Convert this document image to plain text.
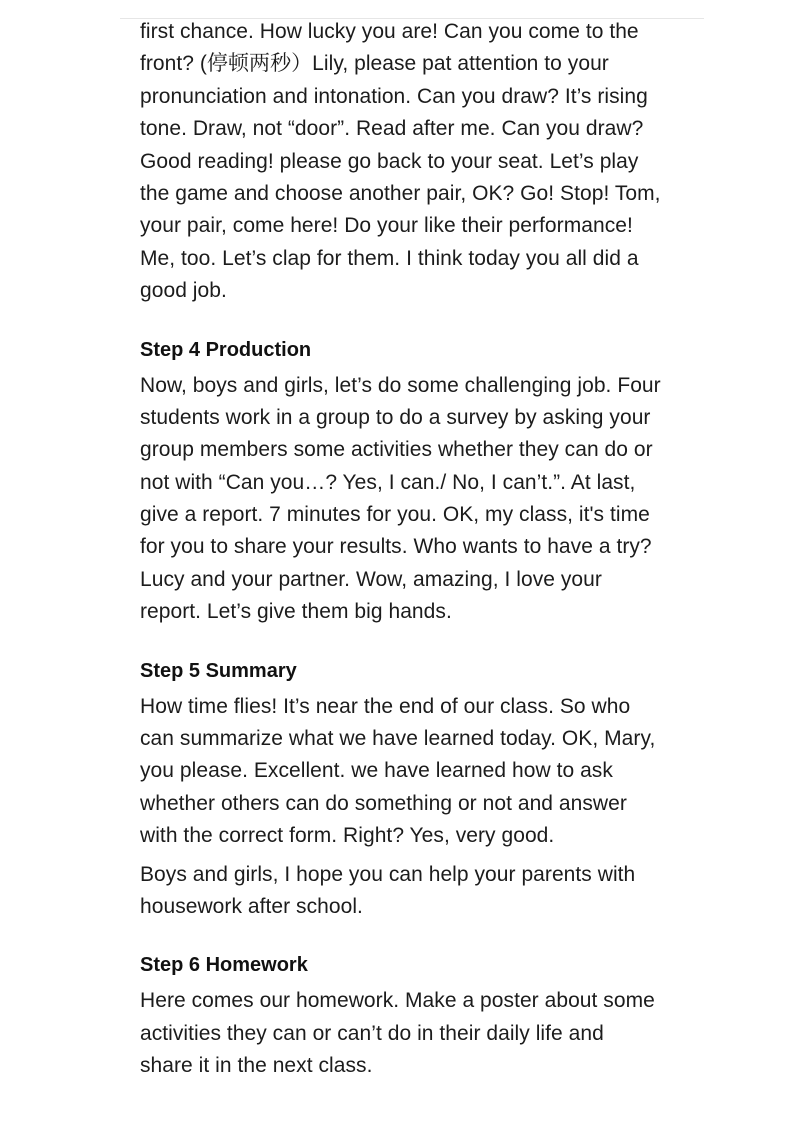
first chance. How lucky you are! Can you come to the
front? (停顿两秒）Lily, please pat attention to your
pronunciation and intonation. Can you draw? It’s rising
tone. Draw, not “door”. Read after me. Can you draw?
Good reading! please go back to your seat. Let’s play
the game and choose another pair, OK? Go! Stop! Tom,
your pair, come here! Do your like their performance!
Me, too. Let’s clap for them. I think today you all did a
good job.

Step 4 Production

Now, boys and girls, let’s do some challenging job. Four
students work in a group to do a survey by asking your
group members some activities whether they can do or
not with “Can you…? Yes, I can./ No, I can’t.”. At last,
give a report. 7 minutes for you. OK, my class, it's time
for you to share your results. Who wants to have a try?
Lucy and your partner. Wow, amazing, I love your
report. Let’s give them big hands.

Step 5 Summary

How time flies! It’s near the end of our class. So who
can summarize what we have learned today. OK, Mary,
you please. Excellent. we have learned how to ask
whether others can do something or not and answer
with the correct form. Right? Yes, very good.

Boys and girls, I hope you can help your parents with
housework after school.

Step 6 Homework

Here comes our homework. Make a poster about some
activities they can or can’t do in their daily life and
share it in the next class.
